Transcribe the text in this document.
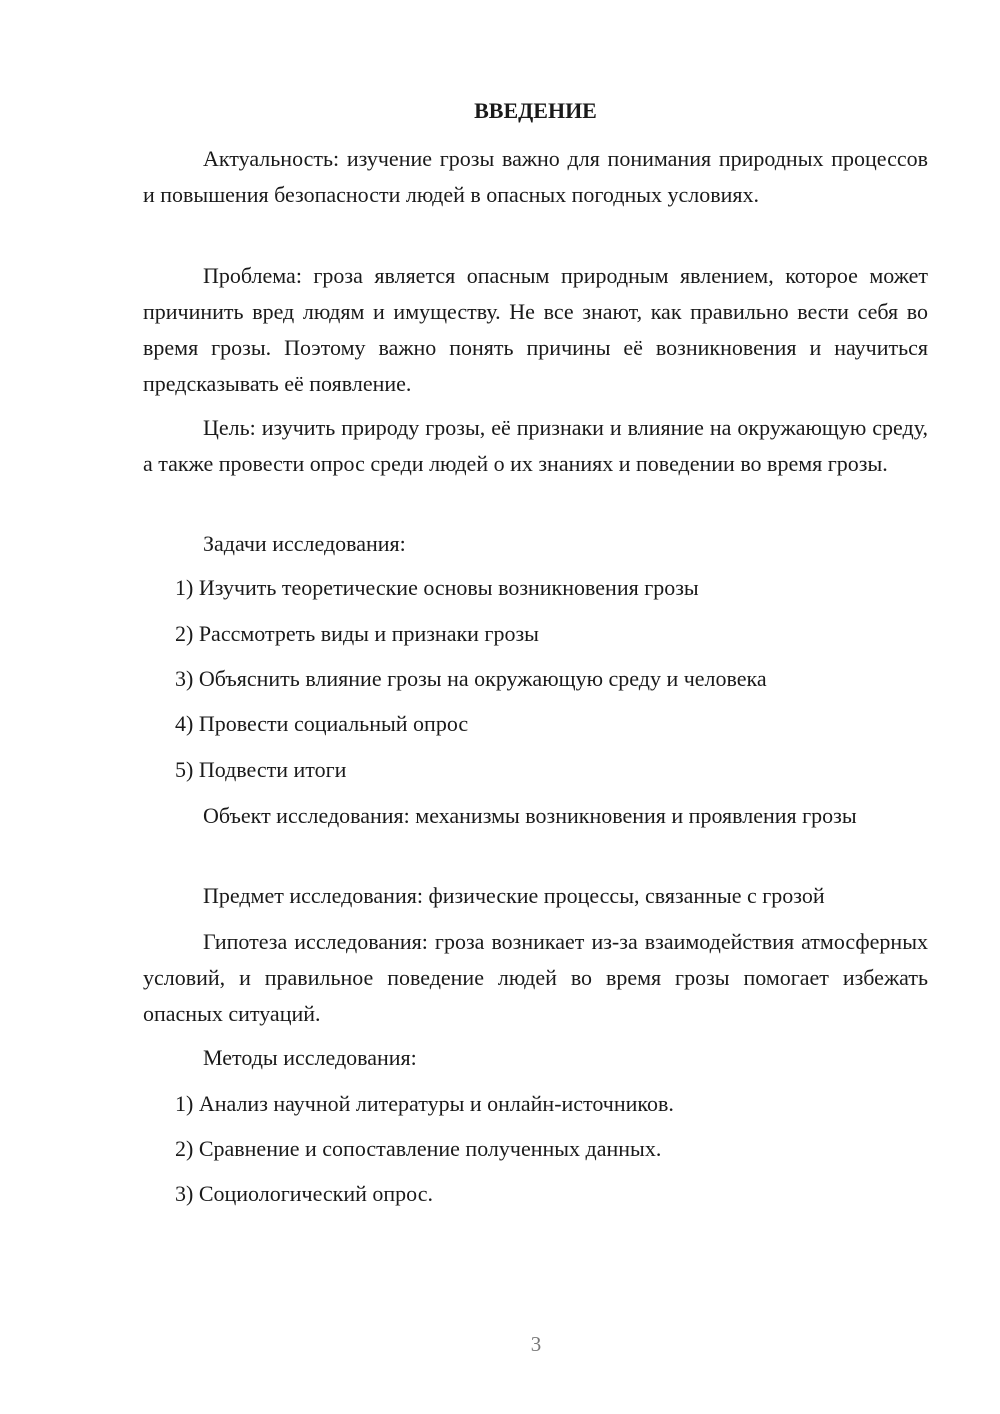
ВВЕДЕНИЕ

Актуальность: изучение грозы важно для понимания природных процессов и повышения безопасности людей в опасных погодных условиях.

Проблема: гроза является опасным природным явлением, которое может причинить вред людям и имуществу. Не все знают, как правильно вести себя во время грозы. Поэтому важно понять причины её возникновения и научиться предсказывать её появление.

Цель: изучить природу грозы, её признаки и влияние на окружающую среду, а также провести опрос среди людей о их знаниях и поведении во время грозы.

Задачи исследования:

1) Изучить теоретические основы возникновения грозы

2) Рассмотреть виды и признаки грозы

3) Объяснить влияние грозы на окружающую среду и человека

4) Провести социальный опрос

5) Подвести итоги

Объект исследования: механизмы возникновения и проявления грозы

Предмет исследования: физические процессы, связанные с грозой

Гипотеза исследования: гроза возникает из-за взаимодействия атмосферных условий, и правильное поведение людей во время грозы помогает избежать опасных ситуаций.

Методы исследования:

1) Анализ научной литературы и онлайн-источников.

2) Сравнение и сопоставление полученных данных.

3) Социологический опрос.

3
